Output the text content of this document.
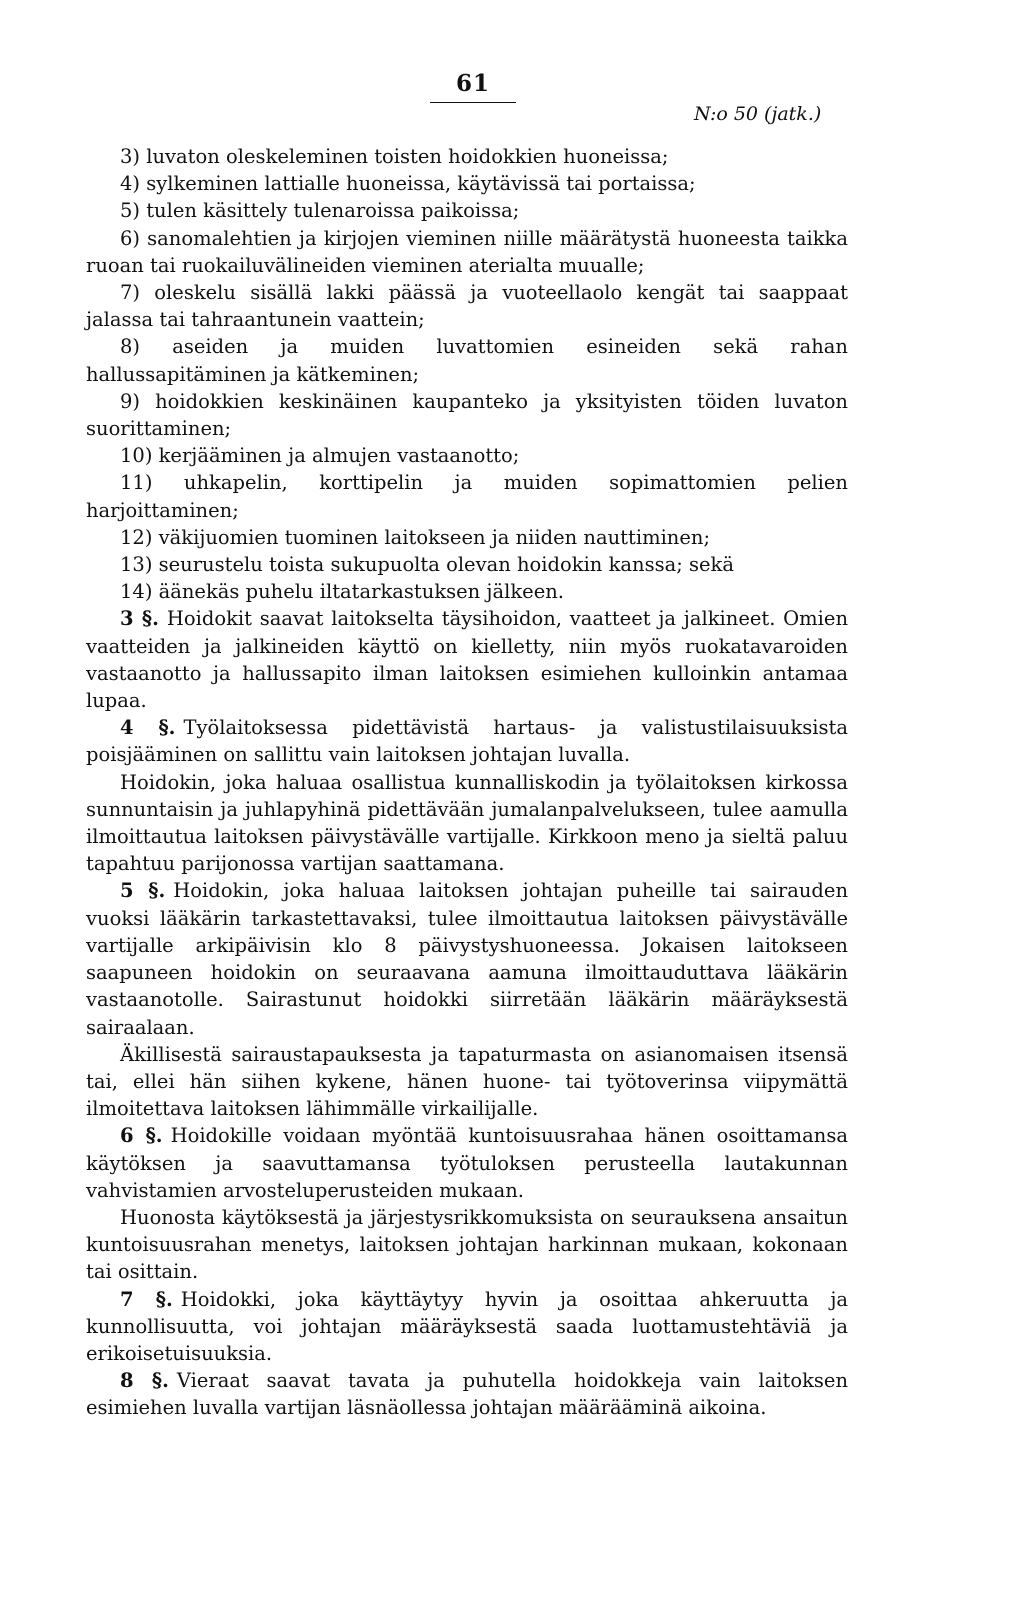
61
N:o 50 (jatk.)

3) luvaton oleskeleminen toisten hoidokkien huoneissa;

4) sylkeminen lattialle huoneissa, käytävissä tai portaissa;

5) tulen käsittely tulenaroissa paikoissa;

6) sanomalehtien ja kirjojen vieminen niille määrätystä huoneesta taikka ruoan tai ruokailuvälineiden vieminen aterialta muualle;

7) oleskelu sisällä lakki päässä ja vuoteellaolo kengät tai saappaat jalassa tai tahraantunein vaattein;

8) aseiden ja muiden luvattomien esineiden sekä rahan hallussapitäminen ja kätkeminen;

9) hoidokkien keskinäinen kaupanteko ja yksityisten töiden luvaton suorittaminen;

10) kerjääminen ja almujen vastaanotto;

11) uhkapelin, korttipelin ja muiden sopimattomien pelien harjoittaminen;

12) väkijuomien tuominen laitokseen ja niiden nauttiminen;

13) seurustelu toista sukupuolta olevan hoidokin kanssa; sekä

14) äänekäs puhelu iltatarkastuksen jälkeen.

3 §. Hoidokit saavat laitokselta täysihoidon, vaatteet ja jalkineet. Omien vaatteiden ja jalkineiden käyttö on kielletty, niin myös ruokatavaroiden vastaanotto ja hallussapito ilman laitoksen esimiehen kulloinkin antamaa lupaa.

4 §. Työlaitoksessa pidettävistä hartaus- ja valistustilaisuuksista poisjääminen on sallittu vain laitoksen johtajan luvalla.

Hoidokin, joka haluaa osallistua kunnalliskodin ja työlaitoksen kirkossa sunnuntaisin ja juhlapyhinä pidettävään jumalanpalvelukseen, tulee aamulla ilmoittautua laitoksen päivystävälle vartijalle. Kirkkoon meno ja sieltä paluu tapahtuu parijonossa vartijan saattamana.

5 §. Hoidokin, joka haluaa laitoksen johtajan puheille tai sairauden vuoksi lääkärin tarkastettavaksi, tulee ilmoittautua laitoksen päivystävälle vartijalle arkipäivisin klo 8 päivystyshuoneessa. Jokaisen laitokseen saapuneen hoidokin on seuraavana aamuna ilmoittauduttava lääkärin vastaanotolle. Sairastunut hoidokki siirretään lääkärin määräyksestä sairaalaan.

Äkillisestä sairaustapauksesta ja tapaturmasta on asianomaisen itsensä tai, ellei hän siihen kykene, hänen huone- tai työtoverinsa viipymättä ilmoitettava laitoksen lähimmälle virkailijalle.

6 §. Hoidokille voidaan myöntää kuntoisuusrahaa hänen osoittamansa käytöksen ja saavuttamansa työtuloksen perusteella lautakunnan vahvistamien arvosteluperusteiden mukaan.

Huonosta käytöksestä ja järjestysrikkomuksista on seurauksena ansaitun kuntoisuusrahan menetys, laitoksen johtajan harkinnan mukaan, kokonaan tai osittain.

7 §. Hoidokki, joka käyttäytyy hyvin ja osoittaa ahkeruutta ja kunnollisuutta, voi johtajan määräyksestä saada luottamustehtäviä ja erikoisetuisuuksia.

8 §. Vieraat saavat tavata ja puhutella hoidokkeja vain laitoksen esimiehen luvalla vartijan läsnäollessa johtajan määrääminä aikoina.
